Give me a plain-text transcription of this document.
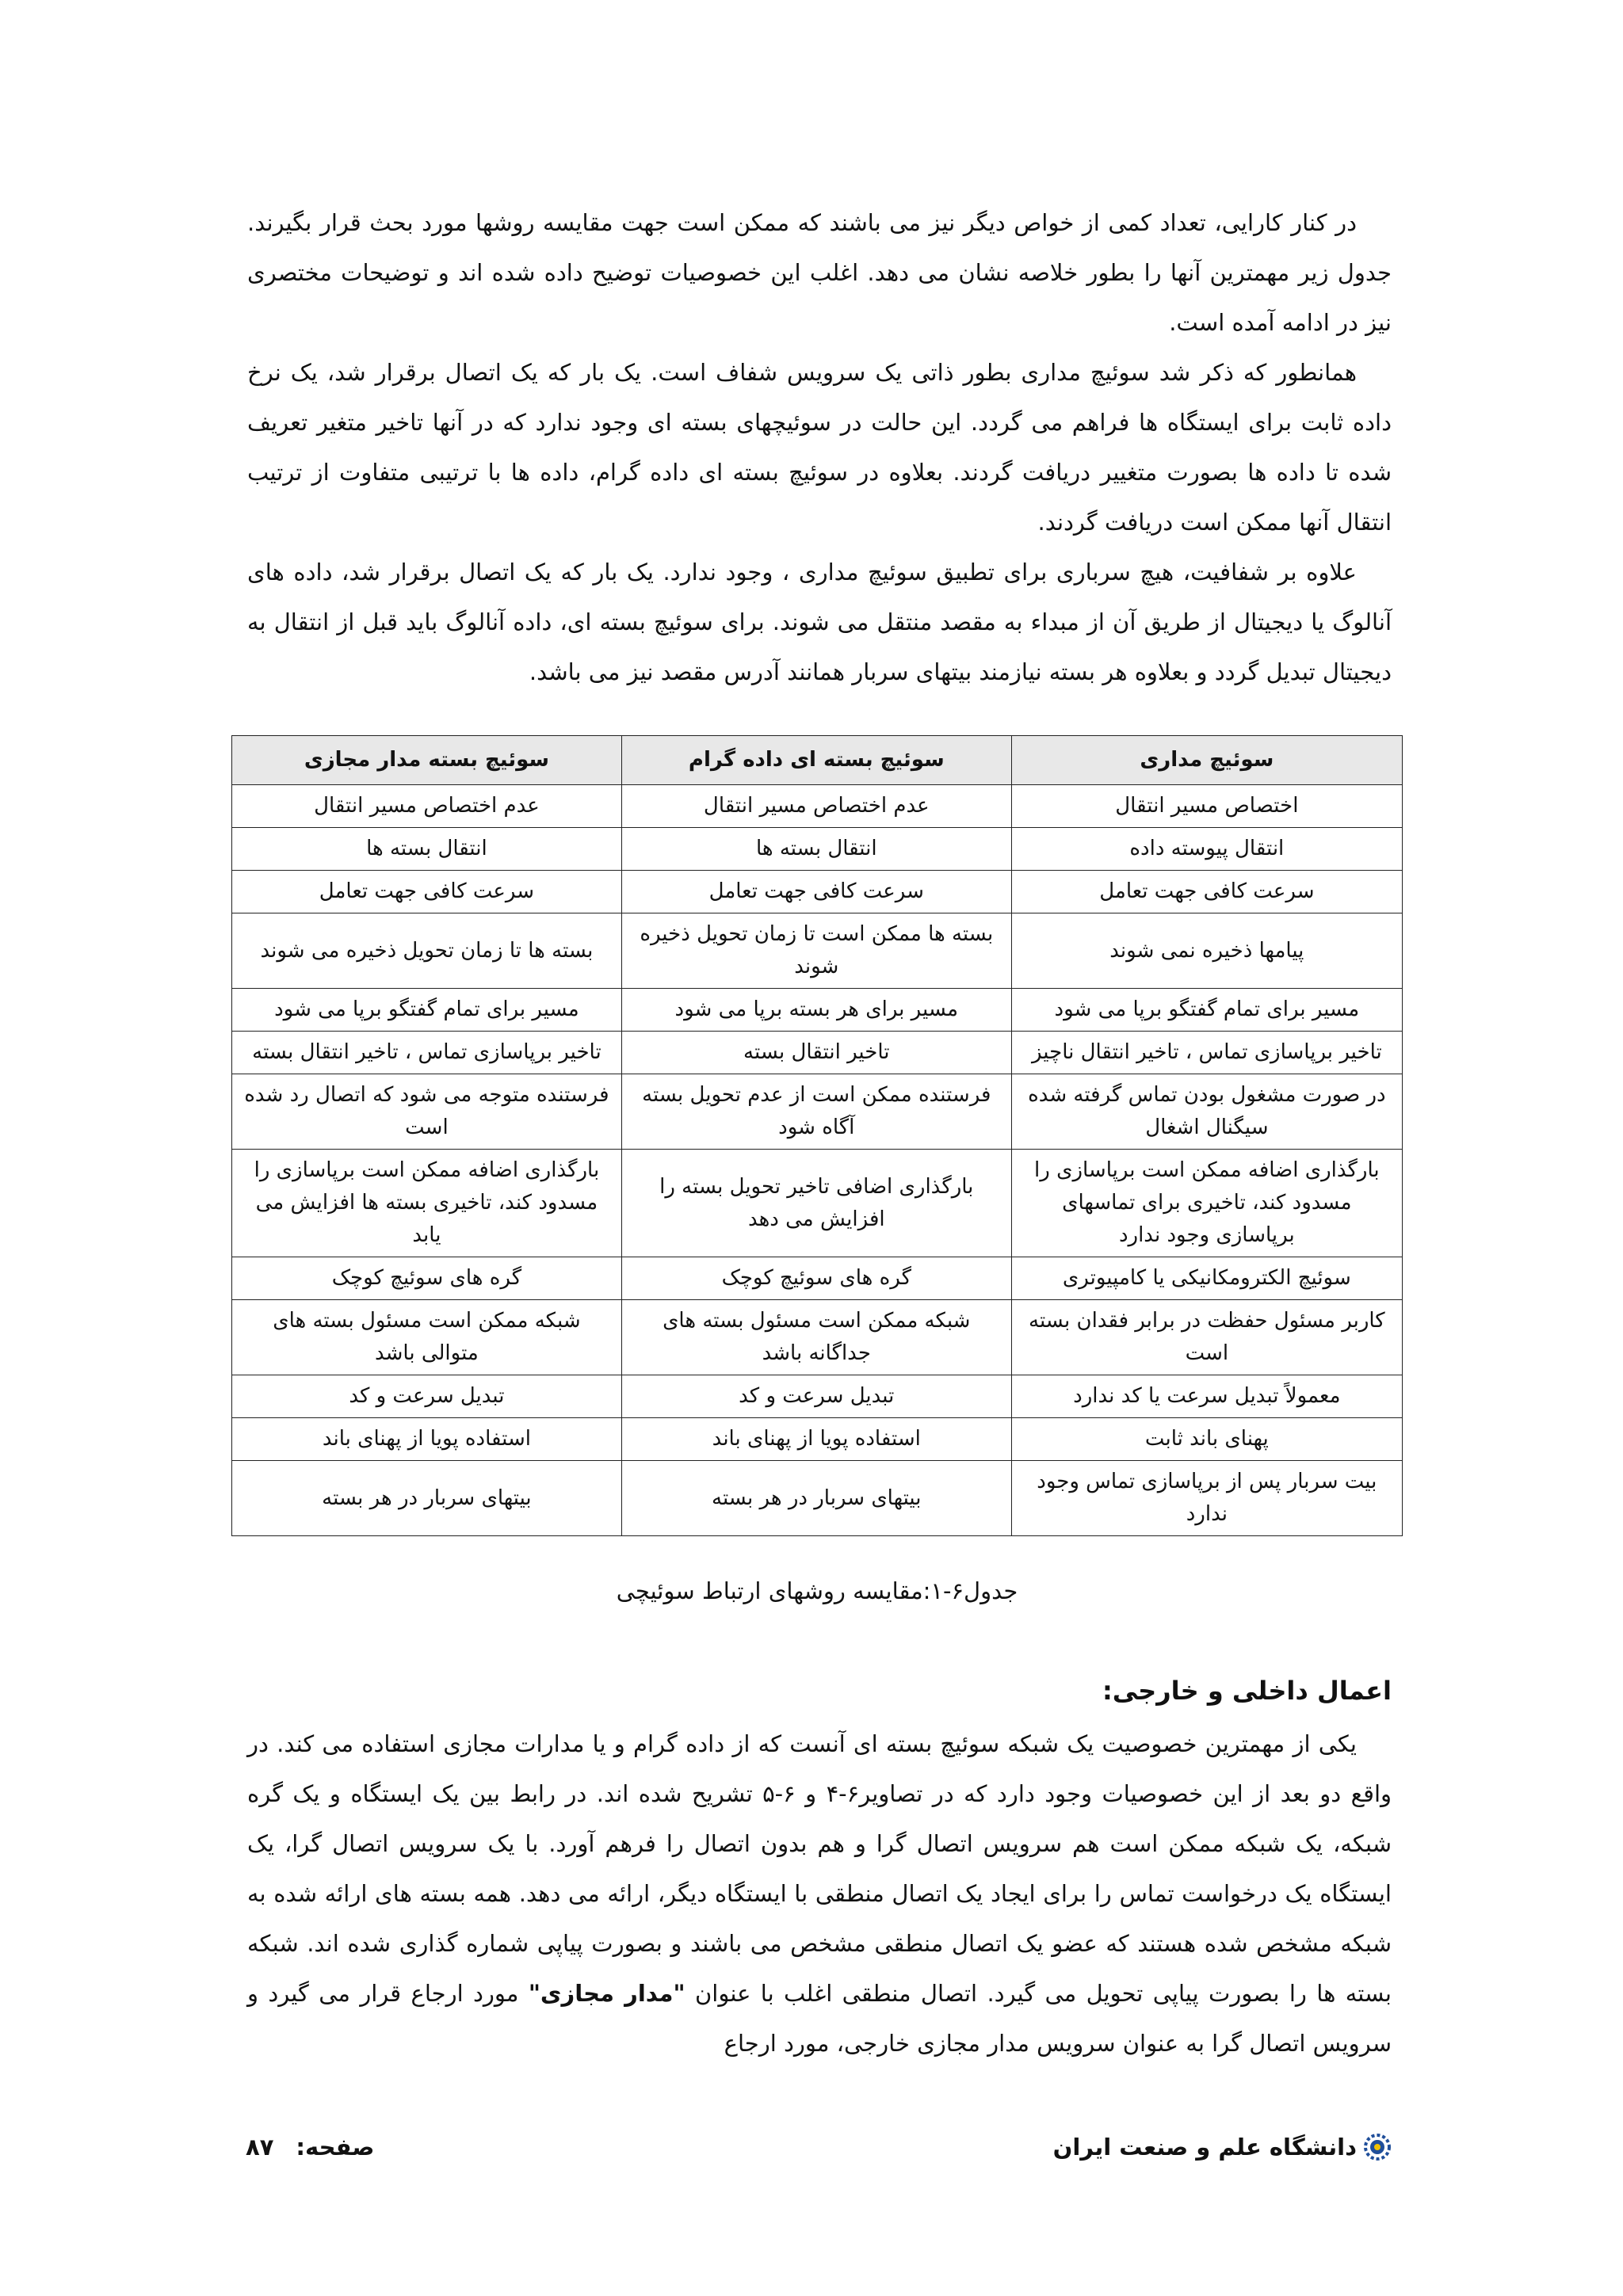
در کنار کارایی، تعداد کمی از خواص دیگر نیز می باشند که ممکن است جهت مقایسه روشها مورد بحث قرار بگیرند. جدول زیر مهمترین آنها را بطور خلاصه نشان می دهد. اغلب این خصوصیات توضیح داده شده اند و توضیحات مختصری نیز در ادامه آمده است.

همانطور که ذکر شد سوئیچ مداری بطور ذاتی یک سرویس شفاف است. یک بار که یک اتصال برقرار شد، یک نرخ داده ثابت برای ایستگاه ها فراهم می گردد. این حالت در سوئیچهای بسته ای وجود ندارد که در آنها تاخیر متغیر تعریف شده تا داده ها بصورت متغییر دریافت گردند. بعلاوه در سوئیچ بسته ای داده گرام، داده ها با ترتیبی متفاوت از ترتیب انتقال آنها ممکن است دریافت گردند.

علاوه بر شفافیت، هیچ سرباری برای تطبیق سوئیچ مداری ، وجود ندارد. یک بار که یک اتصال برقرار شد، داده های آنالوگ یا دیجیتال از طریق آن از مبداء به مقصد منتقل می شوند. برای سوئیچ بسته ای، داده آنالوگ باید قبل از انتقال به دیجیتال تبدیل گردد و بعلاوه هر بسته نیازمند بیتهای سربار همانند آدرس مقصد نیز می باشد.

سوئیچ مداری	سوئیچ بسته ای داده گرام	سوئیچ بسته مدار مجازی
اختصاص مسیر انتقال	عدم اختصاص مسیر انتقال	عدم اختصاص مسیر انتقال
انتقال پیوسته داده	انتقال بسته ها	انتقال بسته ها
سرعت کافی جهت تعامل	سرعت کافی جهت تعامل	سرعت کافی جهت تعامل
پیامها ذخیره نمی شوند	بسته ها ممکن است تا زمان تحویل ذخیره شوند	بسته ها تا زمان تحویل ذخیره می شوند
مسیر برای تمام گفتگو برپا می شود	مسیر برای هر بسته برپا می شود	مسیر برای تمام گفتگو برپا می شود
تاخیر برپاسازی تماس ، تاخیر انتقال ناچیز	تاخیر انتقال بسته	تاخیر برپاسازی تماس ، تاخیر انتقال بسته
در صورت مشغول بودن تماس گرفته شده سیگنال اشغال	فرستنده ممکن است از عدم تحویل بسته آگاه شود	فرستنده متوجه می شود که اتصال رد شده است
بارگذاری اضافه ممکن است برپاسازی را مسدود کند، تاخیری برای تماسهای برپاسازی وجود ندارد	بارگذاری اضافی تاخیر تحویل بسته را افزایش می دهد	بارگذاری اضافه ممکن است برپاسازی را مسدود کند، تاخیری بسته ها افزایش می یابد
سوئیچ الکترومکانیکی یا کامپیوتری	گره های سوئیچ کوچک	گره های سوئیچ کوچک
کاربر مسئول حفظت در برابر فقدان بسته است	شبکه ممکن است مسئول بسته های جداگانه باشد	شبکه ممکن است مسئول بسته های متوالی باشد
معمولاً تبدیل سرعت یا کد ندارد	تبدیل سرعت و کد	تبدیل سرعت و کد
پهنای باند ثابت	استفاده پویا از پهنای باند	استفاده پویا از پهنای باند
بیت سربار پس از برپاسازی تماس وجود ندارد	بیتهای سربار در هر بسته	بیتهای سربار در هر بسته
جدول۶-۱:مقایسه روشهای ارتباط سوئیچی
اعمال داخلی و خارجی:

یکی از مهمترین خصوصیت یک شبکه سوئیچ بسته ای آنست که از داده گرام و یا مدارات مجازی استفاده می کند. در واقع دو بعد از این خصوصیات وجود دارد که در تصاویر۶-۴ و ۶-۵ تشریح شده اند. در رابط بین یک ایستگاه و یک گره شبکه، یک شبکه ممکن است هم سرویس اتصال گرا و هم بدون اتصال را فرهم آورد. با یک سرویس اتصال گرا، یک ایستگاه یک درخواست تماس را برای ایجاد یک اتصال منطقی با ایستگاه دیگر، ارائه می دهد. همه بسته های ارائه شده به شبکه مشخص شده هستند که عضو یک اتصال منطقی مشخص می باشند و بصورت پیاپی شماره گذاری شده اند. شبکه بسته ها را بصورت پیاپی تحویل می گیرد. اتصال منطقی اغلب با عنوان "مدار مجازی" مورد ارجاع قرار می گیرد و سرویس اتصال گرا به عنوان سرویس مدار مجازی خارجی، مورد ارجاع

دانشگاه علم و صنعت ایران
صفحه:
۸۷
